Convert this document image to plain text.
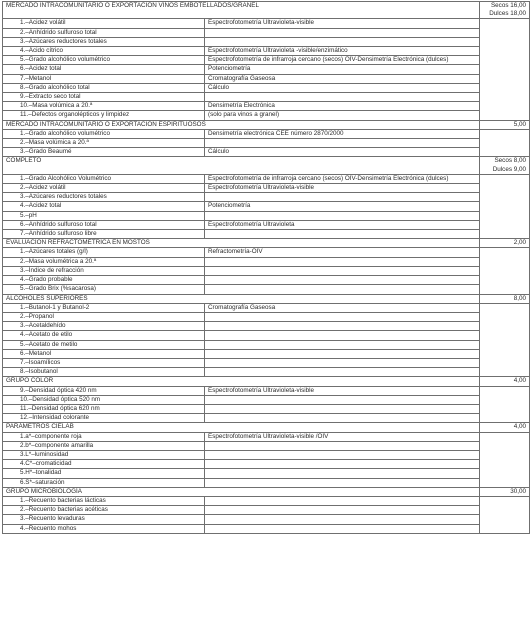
MERCADO INTRACOMUNITARIO O EXPORTACION VINOS EMBOTELLADOS/GRANEL		Secos 16,00
Dulces 18,00

1.–Acidez volátil	Espectrofotometría Ultravioleta-visible	
2.–Anhídrido sulfuroso total		
3.–Azúcares reductores totales		
4.–Ácido cítrico	Espectrofotometría Ultravioleta -visible/enzimático	
5.–Grado alcohólico volumétrico	Espectrofotometría de infrarroja cercano (secos) OIV-Densimetría Electrónica (dulces)	
6.–Acidez total	Potenciometría	
7.–Metanol	Cromatografía Gaseosa	
8.–Grado alcohólico total	Cálculo	
9.–Extracto seco total		
10.–Masa volúmica a 20.ª	Densimetría Electrónica	
11.–Defectos organolépticos y limpidez	(solo para vinos a granel)	
MERCADO INTRACOMUNITARIO O EXPORTACIÓN ESPIRITUOSOS		5,00

1.–Grado alcohólico volumétrico	Densimetría electrónica CEE número 2870/2000	
2.–Masa volúmica a 20.ª		
3.–Grado Beaumé	Cálculo	
COMPLETO		Secos 8,00
Dulces 9,00

1.–Grado Alcohólico Volumétrico	Espectrofotometría de infrarroja cercano (secos) OIV-Densimetría Electrónica (dulces)	
2.–Acidez volátil	Espectrofotometría Ultravioleta-visible	
3.–Azúcares reductores totales		
4.–Acidez total	Potenciometría	
5.–pH		
6.–Anhídrido sulfuroso total	Espectrofotometría Ultravioleta	
7.–Anhídrido sulfuroso libre		
EVALUACIÓN REFRACTOMÉTRICA EN MOSTOS		2,00

1.–Azúcares totales (g/l)	Refractometría-OIV	
2.–Masa volumétrica a 20.ª		
3.–Índice de refracción		
4.–Grado probable		
5.–Grado Brix (%sacarosa)		
ALCOHOLES SUPERIORES		8,00

1.–Butanol-1 y Butanol-2	Cromatografía Gaseosa	
2.–Propanol		
3.–Acetaldehído		
4.–Acetato de etilo		
5.–Acetato de metilo		
6.–Metanol		
7.–Isoamílicos		
8.–Isobutanol		
GRUPO COLOR		4,00

9.–Densidad óptica 420 nm	Espectrofotometría Ultravioleta-visible	
10.–Densidad óptica 520 nm		
11.–Densidad óptica 620 nm		
12.–Intensidad colorante		
PARÁMETROS CIELAB		4,00

1.a*–componente roja	Espectrofotometría Ultravioleta-visible /OIV	
2.b*–componente amarilla		
3.L*–luminosidad		
4.C*–cromaticidad		
5.H*–tonalidad		
6.S*–saturación		
GRUPO MICROBIOLOGÍA		30,00

1.–Recuento bacterias lácticas		
2.–Recuento bacterias acéticas		
3.–Recuento levaduras		
4.–Recuento mohos		
